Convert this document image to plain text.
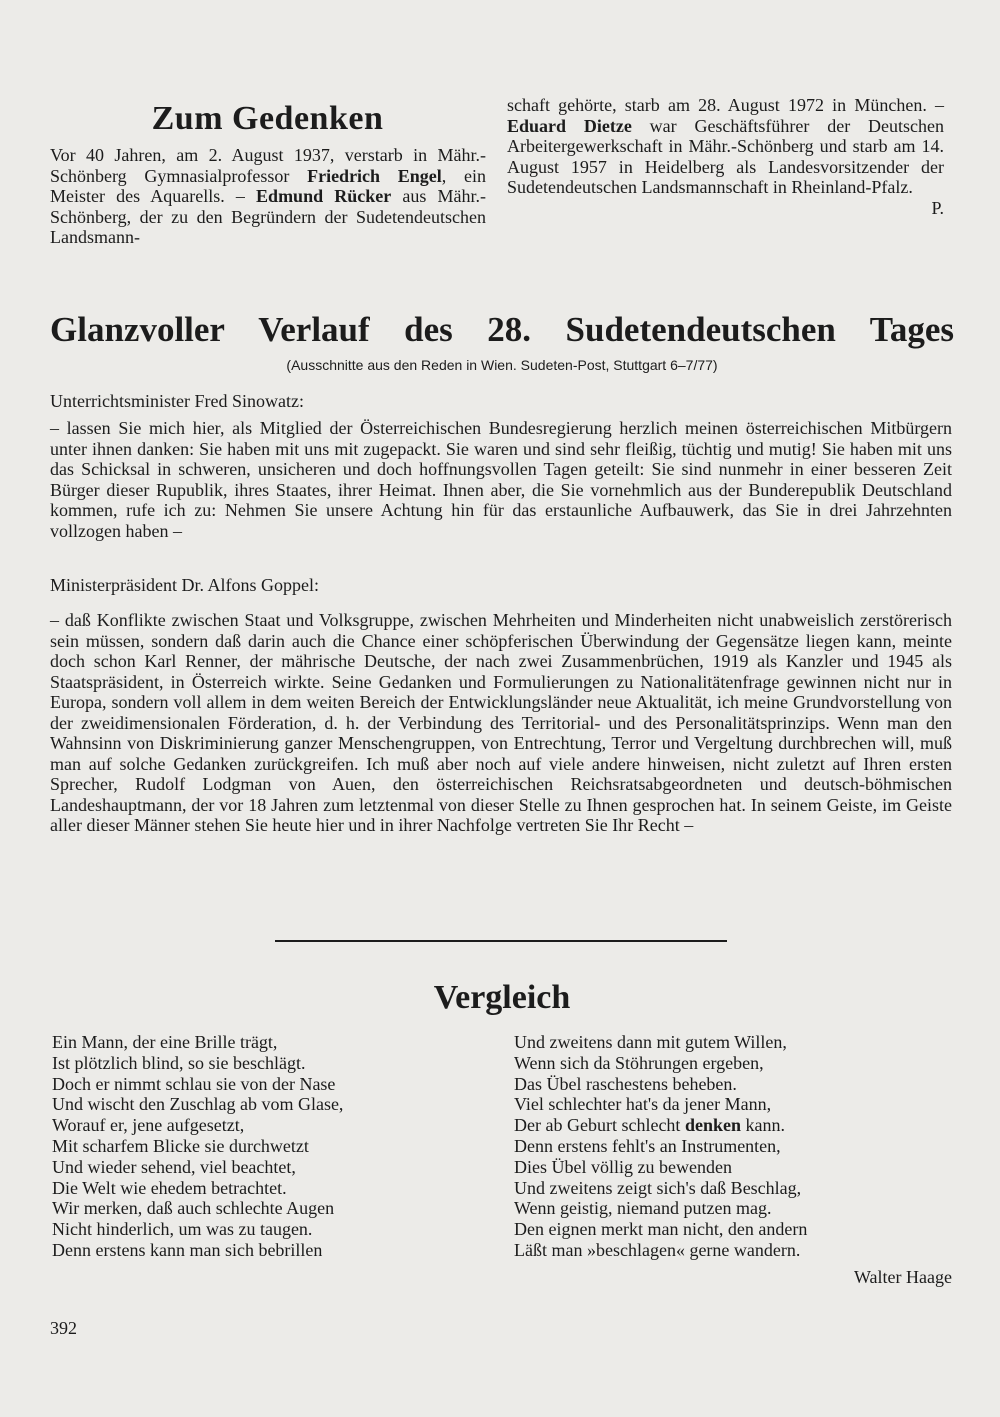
Zum Gedenken
Vor 40 Jahren, am 2. August 1937, verstarb in Mähr.-Schönberg Gymnasialprofessor Friedrich Engel, ein Meister des Aquarells. – Edmund Rücker aus Mähr.-Schönberg, der zu den Begründern der Sudetendeutschen Landsmann-
schaft gehörte, starb am 28. August 1972 in München. – Eduard Dietze war Geschäftsführer der Deutschen Arbeitergewerkschaft in Mähr.-Schönberg und starb am 14. August 1957 in Heidelberg als Landesvorsitzender der Sudetendeutschen Landsmannschaft in Rheinland-Pfalz.
P.
Glanzvoller Verlauf des 28. Sudetendeutschen Tages
(Ausschnitte aus den Reden in Wien. Sudeten-Post, Stuttgart 6–7/77)
Unterrichtsminister Fred Sinowatz:

– lassen Sie mich hier, als Mitglied der Österreichischen Bundesregierung herzlich meinen österreichischen Mitbürgern unter ihnen danken: Sie haben mit uns mit zugepackt. Sie waren und sind sehr fleißig, tüchtig und mutig! Sie haben mit uns das Schicksal in schweren, unsicheren und doch hoffnungsvollen Tagen geteilt: Sie sind nunmehr in einer besseren Zeit Bürger dieser Rupublik, ihres Staates, ihrer Heimat. Ihnen aber, die Sie vornehmlich aus der Bunderepublik Deutschland kommen, rufe ich zu: Nehmen Sie unsere Achtung hin für das erstaunliche Aufbauwerk, das Sie in drei Jahrzehnten vollzogen haben –

Ministerpräsident Dr. Alfons Goppel:

– daß Konflikte zwischen Staat und Volksgruppe, zwischen Mehrheiten und Minderheiten nicht unabweislich zerstörerisch sein müssen, sondern daß darin auch die Chance einer schöpferischen Überwindung der Gegensätze liegen kann, meinte doch schon Karl Renner, der mährische Deutsche, der nach zwei Zusammenbrüchen, 1919 als Kanzler und 1945 als Staatspräsident, in Österreich wirkte. Seine Gedanken und Formulierungen zu Nationalitätenfrage gewinnen nicht nur in Europa, sondern voll allem in dem weiten Bereich der Entwicklungsländer neue Aktualität, ich meine Grundvorstellung von der zweidimensionalen Förderation, d. h. der Verbindung des Territorial- und des Personalitätsprinzips. Wenn man den Wahnsinn von Diskriminierung ganzer Menschengruppen, von Entrechtung, Terror und Vergeltung durchbrechen will, muß man auf solche Gedanken zurückgreifen. Ich muß aber noch auf viele andere hinweisen, nicht zuletzt auf Ihren ersten Sprecher, Rudolf Lodgman von Auen, den österreichischen Reichsratsabgeordneten und deutsch-böhmischen Landeshauptmann, der vor 18 Jahren zum letztenmal von dieser Stelle zu Ihnen gesprochen hat. In seinem Geiste, im Geiste aller dieser Männer stehen Sie heute hier und in ihrer Nachfolge vertreten Sie Ihr Recht –

Vergleich
Ein Mann, der eine Brille trägt,
Ist plötzlich blind, so sie beschlägt.
Doch er nimmt schlau sie von der Nase
Und wischt den Zuschlag ab vom Glase,
Worauf er, jene aufgesetzt,
Mit scharfem Blicke sie durchwetzt
Und wieder sehend, viel beachtet,
Die Welt wie ehedem betrachtet.
Wir merken, daß auch schlechte Augen
Nicht hinderlich, um was zu taugen.
Denn erstens kann man sich bebrillen
Und zweitens dann mit gutem Willen,
Wenn sich da Stöhrungen ergeben,
Das Übel raschestens beheben.
Viel schlechter hat's da jener Mann,
Der ab Geburt schlecht denken kann.
Denn erstens fehlt's an Instrumenten,
Dies Übel völlig zu bewenden
Und zweitens zeigt sich's daß Beschlag,
Wenn geistig, niemand putzen mag.
Den eignen merkt man nicht, den andern
Läßt man »beschlagen« gerne wandern.
Walter Haage
392
